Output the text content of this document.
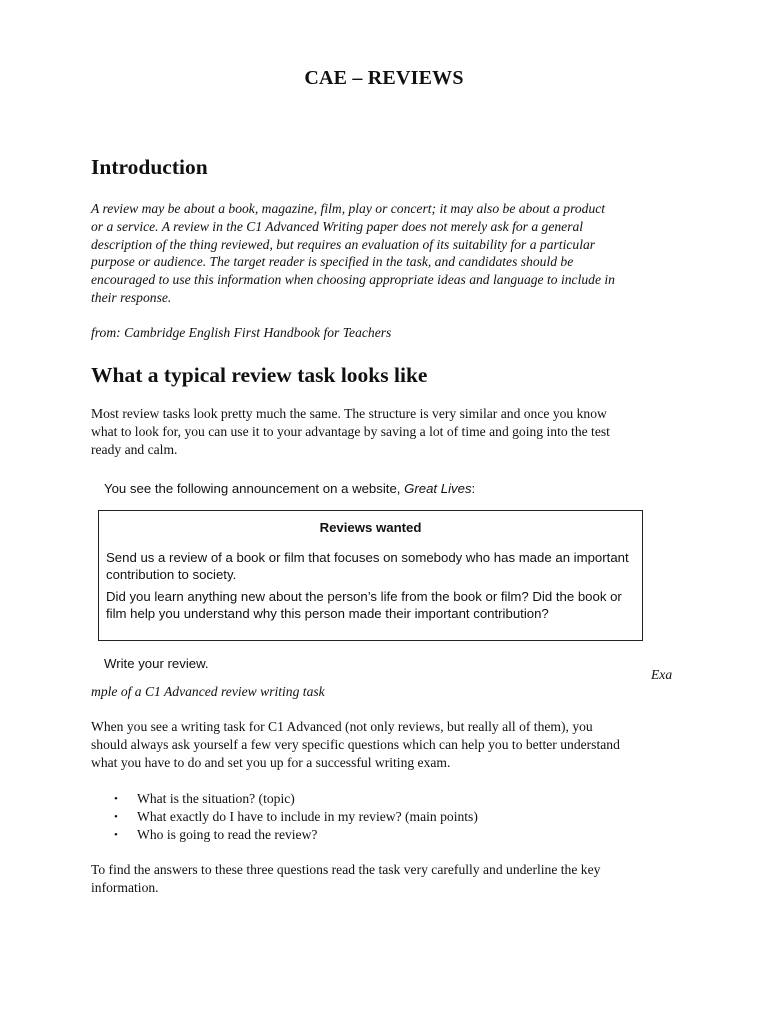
CAE – REVIEWS
Introduction
A review may be about a book, magazine, film, play or concert; it may also be about a product
or a service. A review in the C1 Advanced Writing paper does not merely ask for a general
description of the thing reviewed, but requires an evaluation of its suitability for a particular
purpose or audience. The target reader is specified in the task, and candidates should be
encouraged to use this information when choosing appropriate ideas and language to include in
their response.
from: Cambridge English First Handbook for Teachers
What a typical review task looks like
Most review tasks look pretty much the same. The structure is very similar and once you know
what to look for, you can use it to your advantage by saving a lot of time and going into the test
ready and calm.
You see the following announcement on a website, Great Lives:
Reviews wanted
Send us a review of a book or film that focuses on somebody who has made an important
contribution to society.
Did you learn anything new about the person’s life from the book or film? Did the book or
film help you understand why this person made their important contribution?
Write your review.
Exa
mple of a C1 Advanced review writing task
When you see a writing task for C1 Advanced (not only reviews, but really all of them), you
should always ask yourself a few very specific questions which can help you to better understand
what you have to do and set you up for a successful writing exam.
• What is the situation? (topic)
• What exactly do I have to include in my review? (main points)
• Who is going to read the review?
To find the answers to these three questions read the task very carefully and underline the key
information.
